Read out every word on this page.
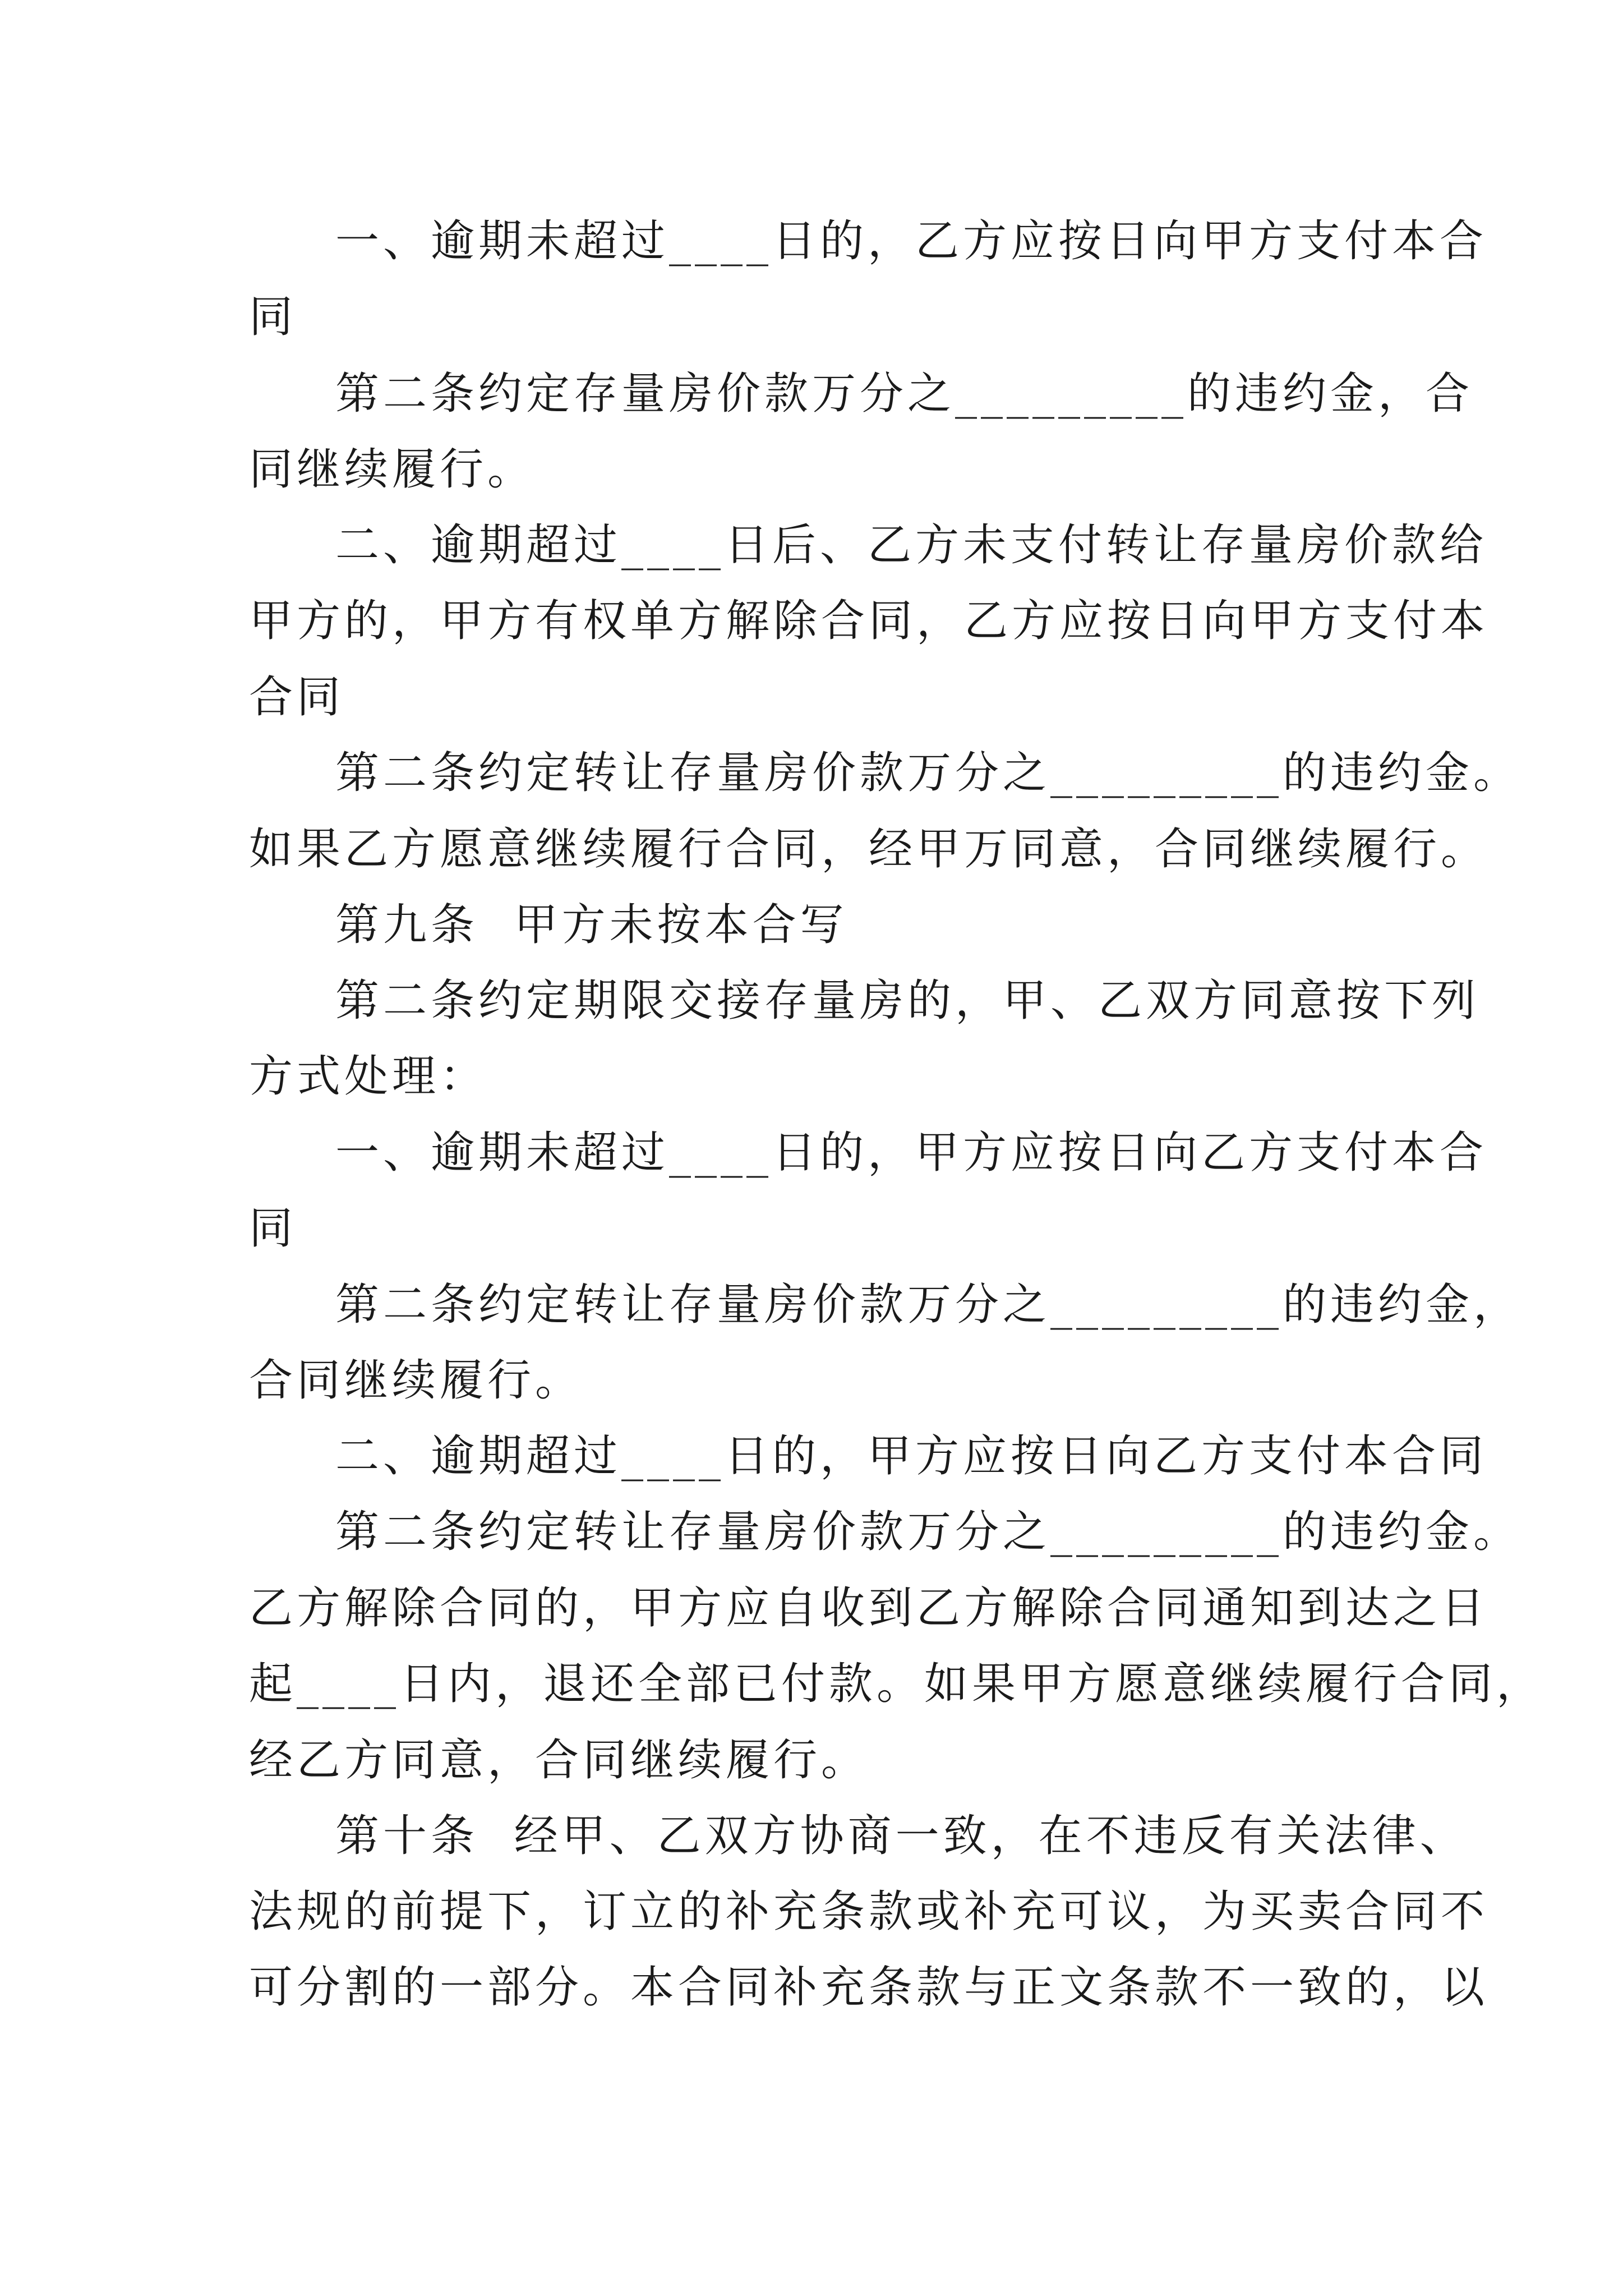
一、逾期未超过____日的，乙方应按日向甲方支付本合
同
第二条约定存量房价款万分之_________的违约金，合
同继续履行。
二、逾期超过____日后、乙方未支付转让存量房价款给
甲方的，甲方有权单方解除合同，乙方应按日向甲方支付本
合同
第二条约定转让存量房价款万分之_________的违约金。
如果乙方愿意继续履行合同，经甲万同意，合同继续履行。
第九条  甲方未按本合写
第二条约定期限交接存量房的，甲、乙双方同意按下列
方式处理：
一、逾期未超过____日的，甲方应按日向乙方支付本合
同
第二条约定转让存量房价款万分之_________的违约金，
合同继续履行。
二、逾期超过____日的，甲方应按日向乙方支付本合同
第二条约定转让存量房价款万分之_________的违约金。
乙方解除合同的，甲方应自收到乙方解除合同通知到达之日
起____日内，退还全部已付款。如果甲方愿意继续履行合同，
经乙方同意，合同继续履行。
第十条  经甲、乙双方协商一致，在不违反有关法律、
法规的前提下，订立的补充条款或补充可议，为买卖合同不
可分割的一部分。本合同补充条款与正文条款不一致的，以
